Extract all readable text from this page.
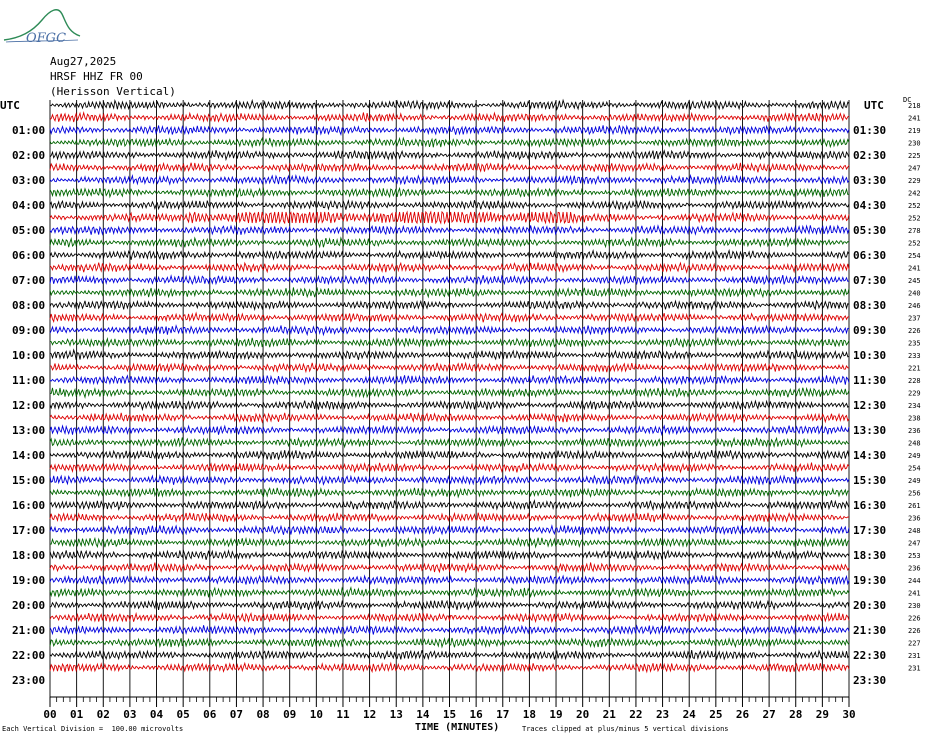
OFGC
Aug27,2025
HRSF HHZ FR 00
(Herisson Vertical)
UTC	UTC	DC
218
241
219
230
225
247
229
242
252
252
278
252
254
241
245
240
246
237
226
235
233
221
228
229
234
238
236
248
249
254
249
256
261
236
248
247
253
236
244
241
230
226
226
227
231
231
01:00
02:00
03:00
04:00
05:00
06:00
07:00
08:00
09:00
10:00
11:00
12:00
13:00
14:00
15:00
16:00
17:00
18:00
19:00
20:00
21:00
22:00
23:00
01:30
02:30
03:30
04:30
05:30
06:30
07:30
08:30
09:30
10:30
11:30
12:30
13:30
14:30
15:30
16:30
17:30
18:30
19:30
20:30
21:30
22:30
23:30
00 01 02 03 04 05 06 07 08 09 10 11 12 13 14 15 16 17 18 19 20 21 22 23 24 25 26 27 28 29 30
TIME (MINUTES)
Each Vertical Division =  100.00 microvolts	Traces clipped at plus/minus 5 vertical divisions
